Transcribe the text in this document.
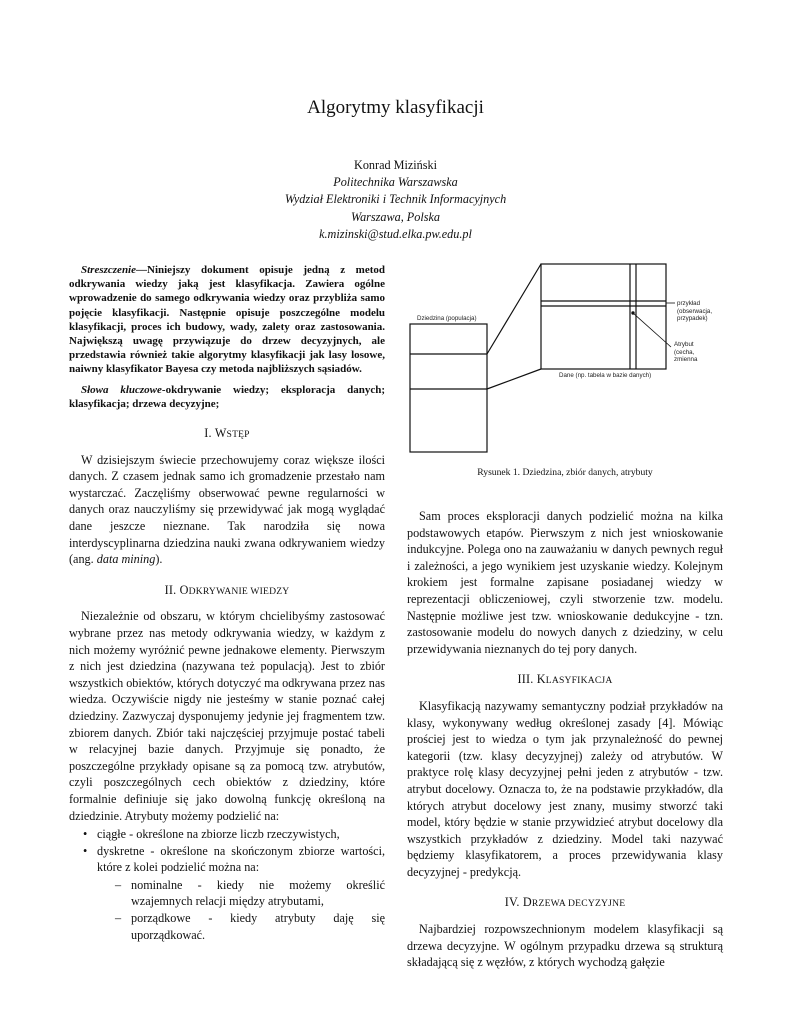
Algorytmy klasyfikacji
Konrad Miziński
Politechnika Warszawska
Wydział Elektroniki i Technik Informacyjnych
Warszawa, Polska
k.mizinski@stud.elka.pw.edu.pl

Streszczenie—Niniejszy dokument opisuje jedną z metod odkrywania wiedzy jaką jest klasyfikacja. Zawiera ogólne wprowadzenie do samego odkrywania wiedzy oraz przybliża samo pojęcie klasyfikacji. Następnie opisuje poszczególne modelu klasyfikacji, proces ich budowy, wady, zalety oraz zastosowania. Największą uwagę przywiązuje do drzew decyzyjnych, ale przedstawia również takie algorytmy klasyfikacji jak lasy losowe, naiwny klasyfikator Bayesa czy metoda najbliższych sąsiadów.

Słowa kluczowe-okdrywanie wiedzy; eksploracja danych; klasyfikacja; drzewa decyzyjne;

I. WSTĘP

W dzisiejszym świecie przechowujemy coraz większe ilości danych. Z czasem jednak samo ich gromadzenie przestało nam wystarczać. Zaczęliśmy obserwować pewne regularności w danych oraz nauczyliśmy się przewidywać jak mogą wyglądać dane jeszcze nieznane. Tak narodziła się nowa interdyscyplinarna dziedzina nauki zwana odkrywaniem wiedzy (ang. data mining).

II. ODKRYWANIE WIEDZY

Niezależnie od obszaru, w którym chcielibyśmy zastosować wybrane przez nas metody odkrywania wiedzy, w każdym z nich możemy wyróżnić pewne jednakowe elementy. Pierwszym z nich jest dziedzina (nazywana też populacją). Jest to zbiór wszystkich obiektów, których dotyczyć ma odkrywana przez nas wiedza. Oczywiście nigdy nie jesteśmy w stanie poznać całej dziedziny. Zazwyczaj dysponujemy jedynie jej fragmentem tzw. zbiorem danych. Zbiór taki najczęściej przyjmuje postać tabeli w relacyjnej bazie danych. Przyjmuje się ponadto, że poszczególne przykłady opisane są za pomocą tzw. atrybutów, czyli poszczególnych cech obiektów z dziedziny, które formalnie definiuje się jako dowolną funkcję określoną na dziedzinie. Atrybuty możemy podzielić na:

• ciągłe - określone na zbiorze liczb rzeczywistych,
• dyskretne - określone na skończonym zbiorze wartości, które z kolei podzielić można na:
– nominalne - kiedy nie możemy określić wzajemnych relacji między atrybutami,
– porządkowe - kiedy atrybuty daję się uporządkować.
Dziedzina (populacja)
Dane (np. tabela w bazie danych)
przykład
(obserwacja,
przypadek)
Atrybut
(cecha,
zmienna
Rysunek 1. Dziedzina, zbiór danych, atrybuty

Sam proces eksploracji danych podzielić można na kilka podstawowych etapów. Pierwszym z nich jest wnioskowanie indukcyjne. Polega ono na zauważaniu w danych pewnych reguł i zależności, a jego wynikiem jest uzyskanie wiedzy. Kolejnym krokiem jest formalne zapisane posiadanej wiedzy w reprezentacji obliczeniowej, czyli stworzenie tzw. modelu. Następnie możliwe jest tzw. wnioskowanie dedukcyjne - tzn. zastosowanie modelu do nowych danych z dziedziny, w celu przewidywania nieznanych do tej pory danych.

III. KLASYFIKACJA

Klasyfikacją nazywamy semantyczny podział przykładów na klasy, wykonywany według określonej zasady [4]. Mówiąc prościej jest to wiedza o tym jak przynależność do pewnej kategorii (tzw. klasy decyzyjnej) zależy od atrybutów. W praktyce rolę klasy decyzyjnej pełni jeden z atrybutów - tzw. atrybut docelowy. Oznacza to, że na podstawie przykładów, dla których atrybut docelowy jest znany, musimy stworzć taki model, który będzie w stanie przywidzieć atrybut docelowy dla wszystkich przykładów z dziedziny. Model taki nazywać będziemy klasyfikatorem, a proces przewidywania klasy decyzyjnej - predykcją.

IV. DRZEWA DECYZYJNE

Najbardziej rozpowszechnionym modelem klasyfikacji są drzewa decyzyjne. W ogólnym przypadku drzewa są strukturą składającą się z węzłów, z których wychodzą gałęzie
